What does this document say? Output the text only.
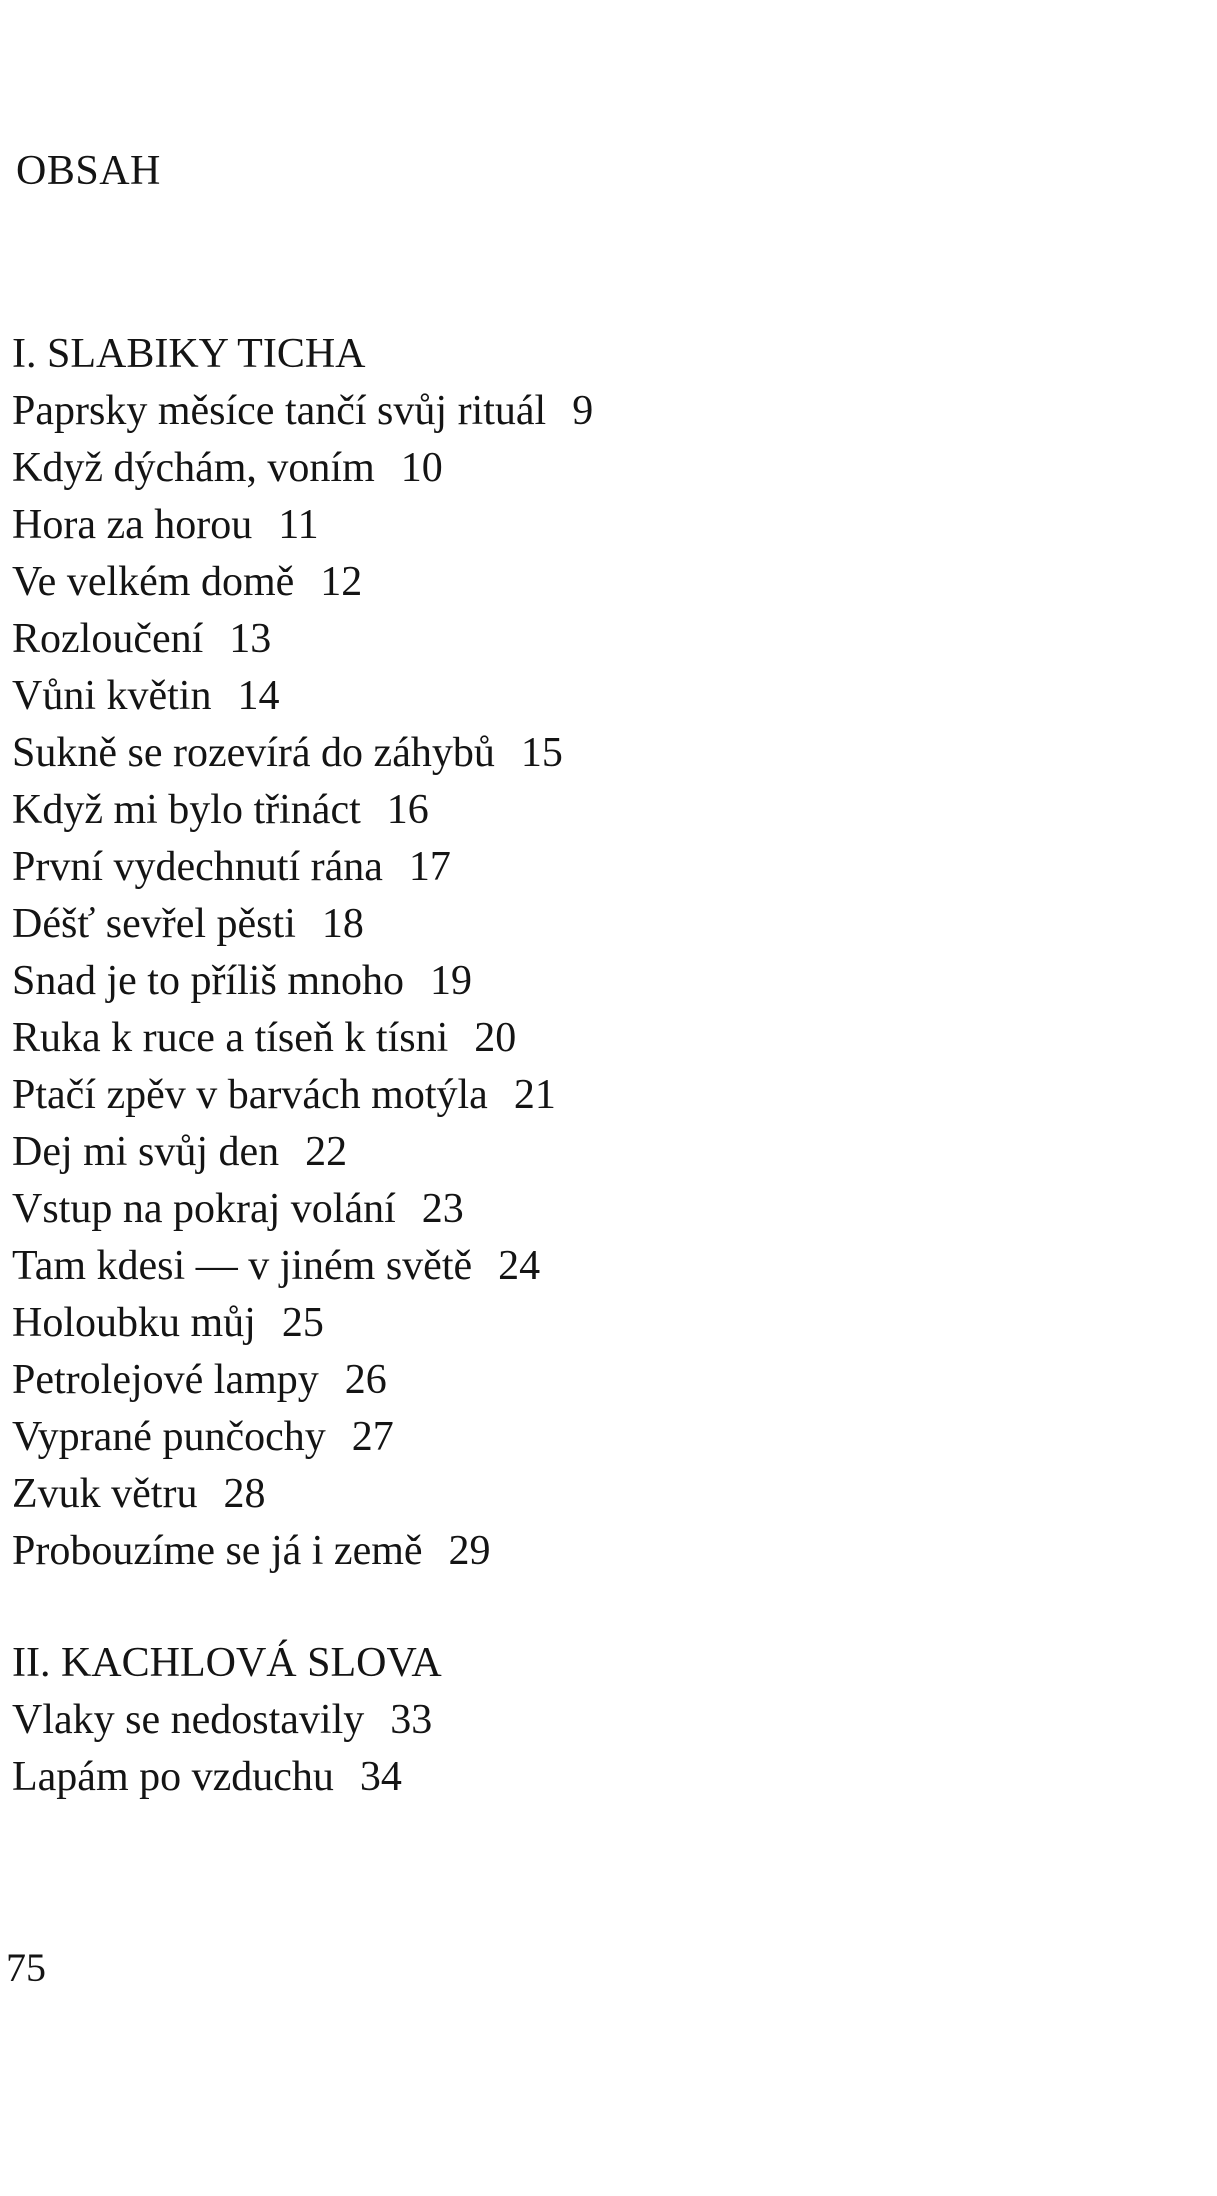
OBSAH
I. SLABIKY TICHA
Paprsky měsíce tančí svůj rituál 9
Když dýchám, voním 10
Hora za horou 11
Ve velkém domě 12
Rozloučení 13
Vůni květin 14
Sukně se rozevírá do záhybů 15
Když mi bylo třináct 16
První vydechnutí rána 17
Déšť sevřel pěsti 18
Snad je to příliš mnoho 19
Ruka k ruce a tíseň k tísni 20
Ptačí zpěv v barvách motýla 21
Dej mi svůj den 22
Vstup na pokraj volání 23
Tam kdesi — v jiném světě 24
Holoubku můj 25
Petrolejové lampy 26
Vyprané punčochy 27
Zvuk větru 28
Probouzíme se já i země 29
II. KACHLOVÁ SLOVA
Vlaky se nedostavily 33
Lapám po vzduchu 34
75
